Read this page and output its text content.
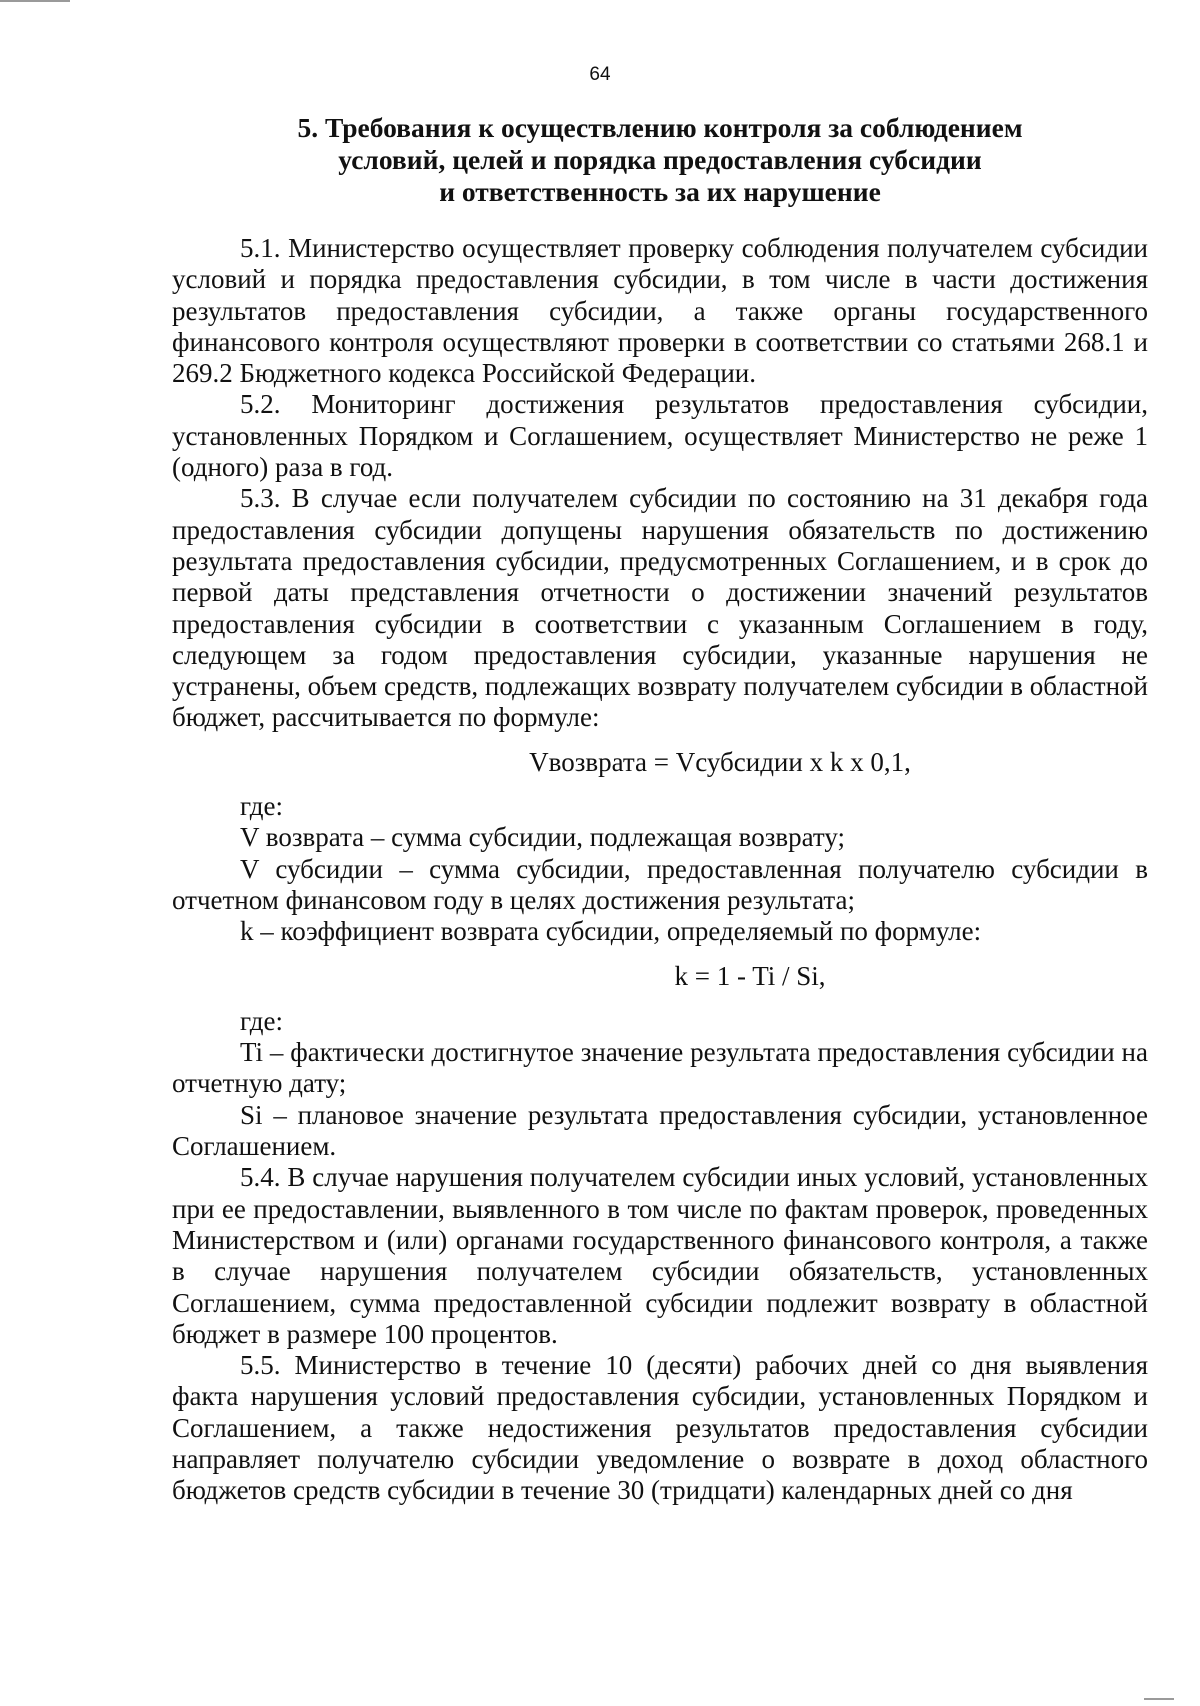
64
5. Требования к осуществлению контроля за соблюдением
условий, целей и порядка предоставления субсидии
и ответственность за их нарушение

5.1. Министерство осуществляет проверку соблюдения получателем субсидии условий и порядка предоставления субсидии, в том числе в части достижения результатов предоставления субсидии, а также органы государственного финансового контроля осуществляют проверки в соответствии со статьями 268.1 и 269.2 Бюджетного кодекса Российской Федерации.

5.2. Мониторинг достижения результатов предоставления субсидии, установленных Порядком и Соглашением, осуществляет Министерство не реже 1 (одного) раза в год.

5.3. В случае если получателем субсидии по состоянию на 31 декабря года предоставления субсидии допущены нарушения обязательств по достижению результата предоставления субсидии, предусмотренных Соглашением, и в срок до первой даты представления отчетности о достижении значений результатов предоставления субсидии в соответствии с указанным Соглашением в году, следующем за годом предоставления субсидии, указанные нарушения не устранены, объем средств, подлежащих возврату получателем субсидии в областной бюджет, рассчитывается по формуле:

Vвозврата = Vсубсидии x k x 0,1,

где:

V возврата – сумма субсидии, подлежащая возврату;

V субсидии – сумма субсидии, предоставленная получателю субсидии в отчетном финансовом году в целях достижения результата;

k – коэффициент возврата субсидии, определяемый по формуле:

k = 1 - Ti / Si,

где:

Ti – фактически достигнутое значение результата предоставления субсидии на отчетную дату;

Si – плановое значение результата предоставления субсидии, установленное Соглашением.

5.4. В случае нарушения получателем субсидии иных условий, установленных при ее предоставлении, выявленного в том числе по фактам проверок, проведенных Министерством и (или) органами государственного финансового контроля, а также в случае нарушения получателем субсидии обязательств, установленных Соглашением, сумма предоставленной субсидии подлежит возврату в областной бюджет в размере 100 процентов.

5.5. Министерство в течение 10 (десяти) рабочих дней со дня выявления факта нарушения условий предоставления субсидии, установленных Порядком и Соглашением, а также недостижения результатов предоставления субсидии направляет получателю субсидии уведомление о возврате в доход областного бюджетов средств субсидии в течение 30 (тридцати) календарных дней со дня
